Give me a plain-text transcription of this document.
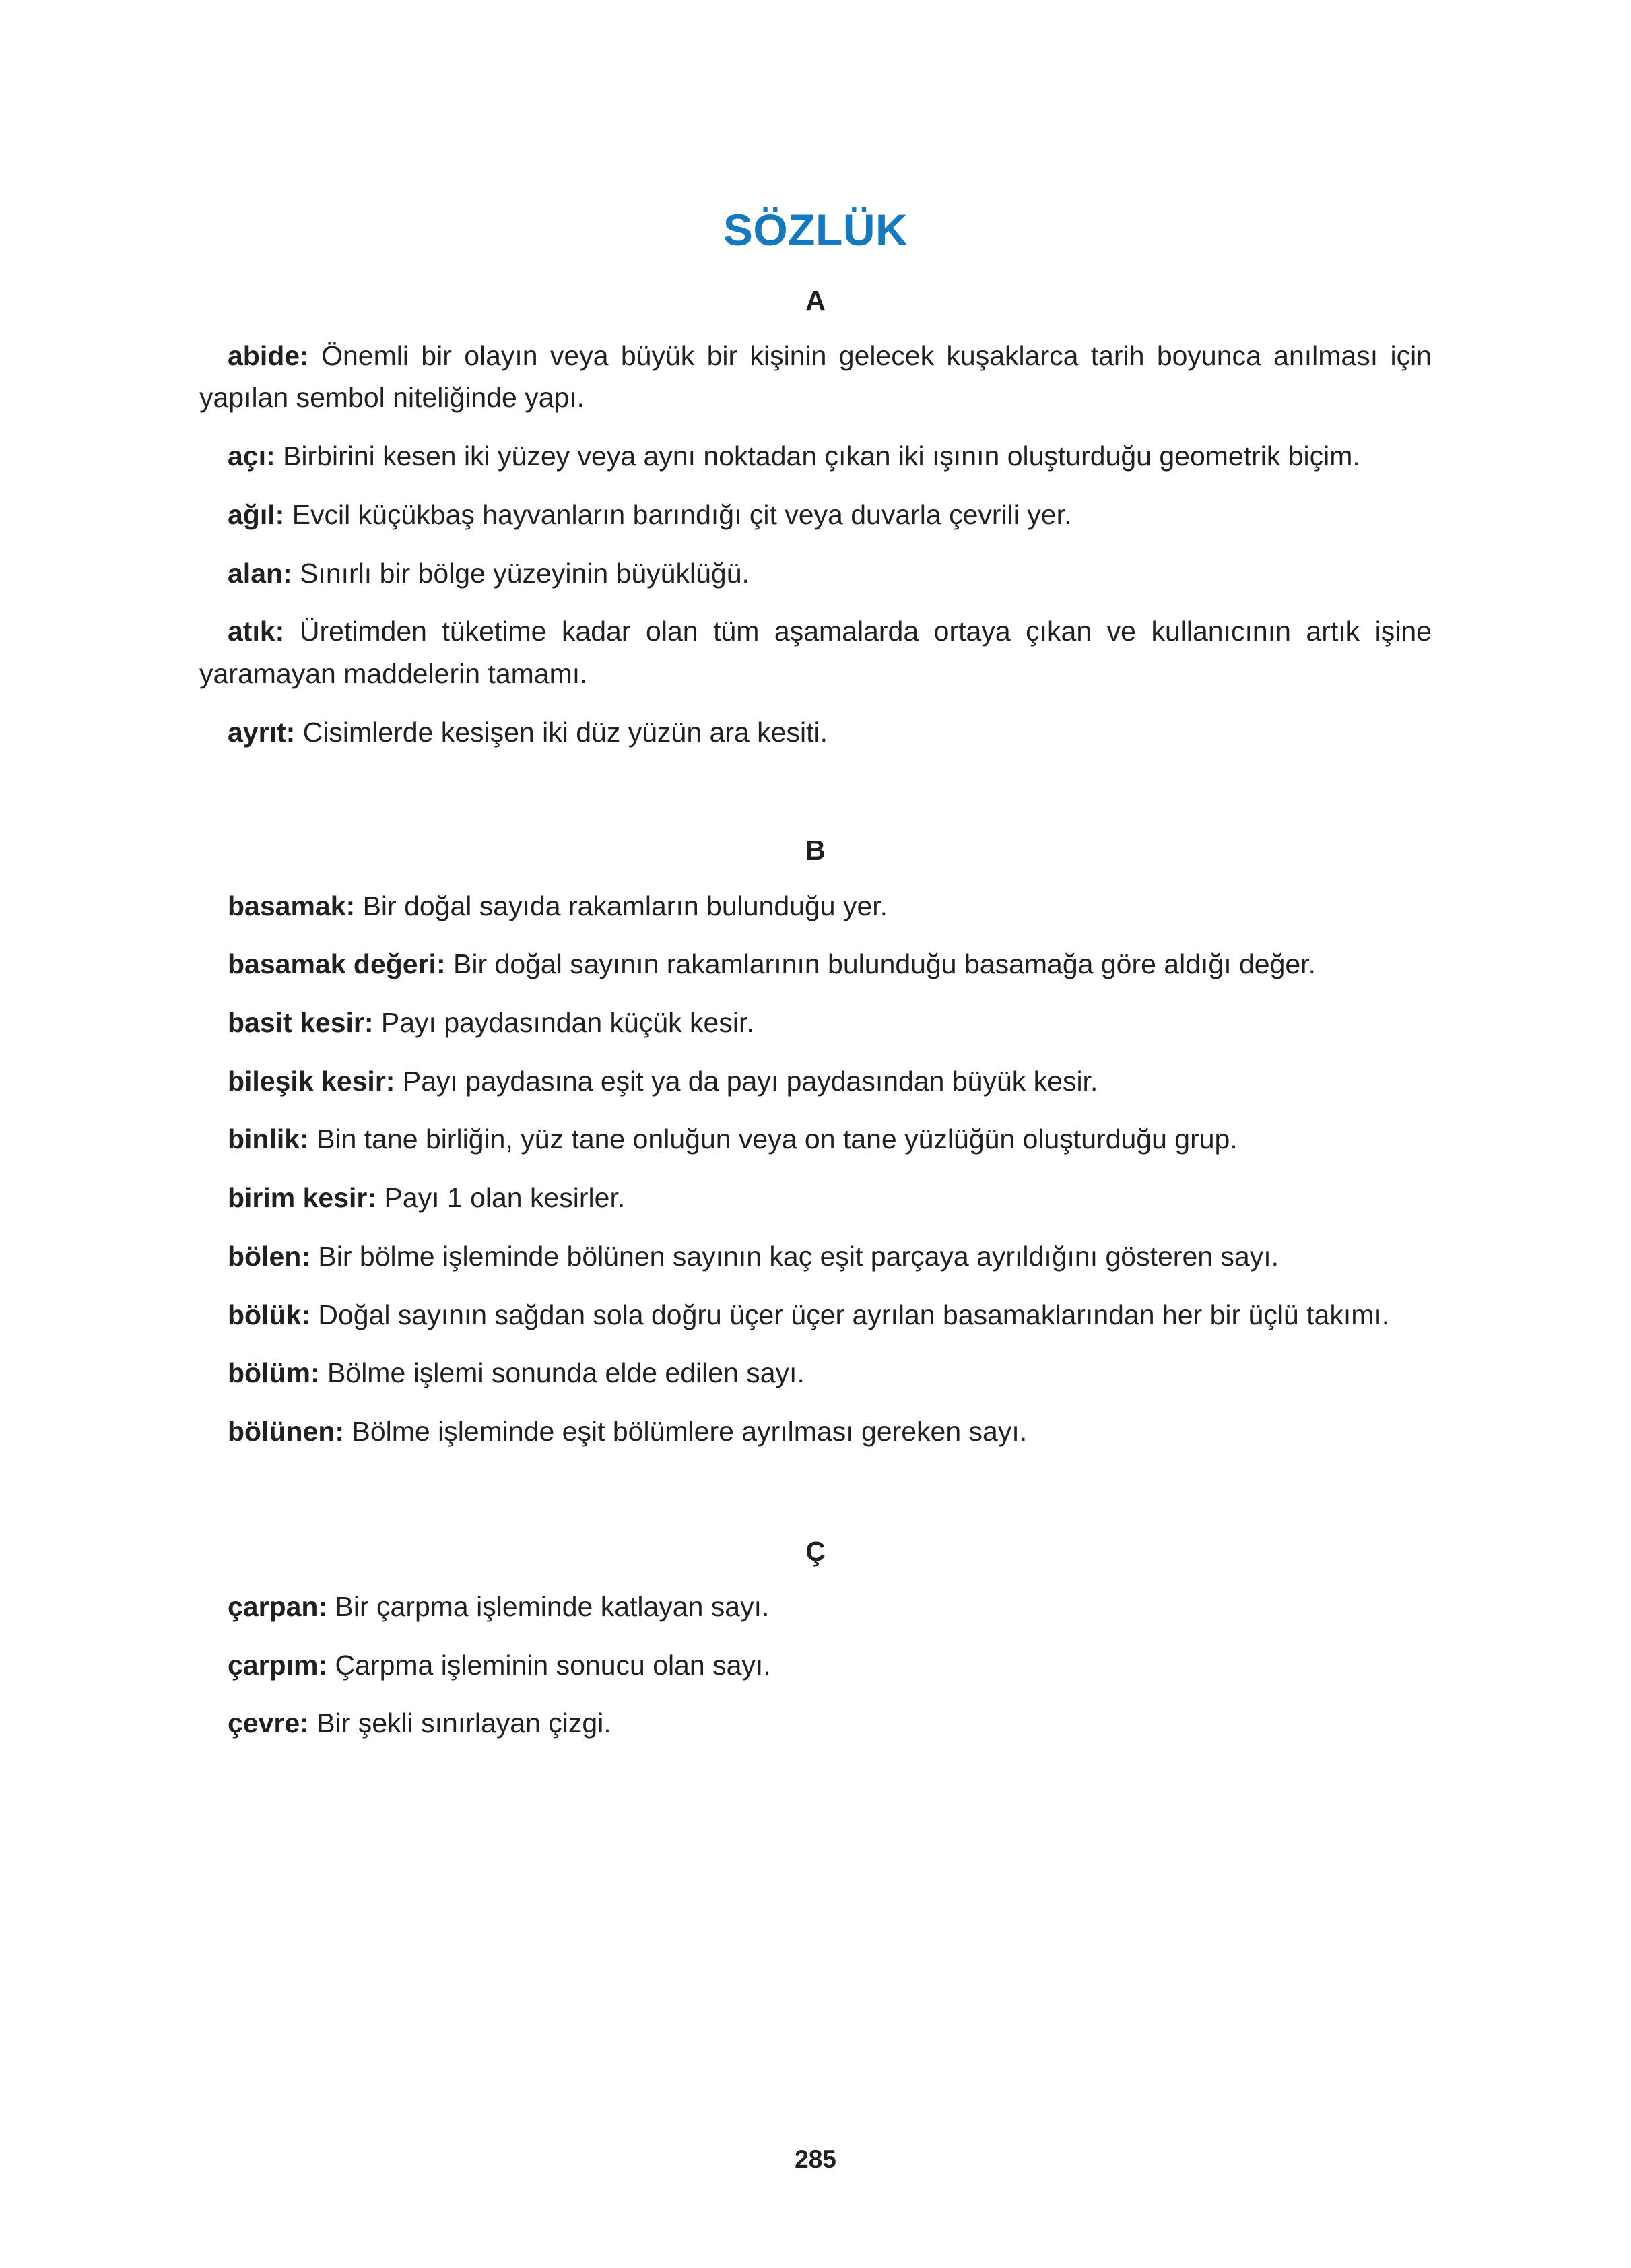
SÖZLÜK
A

abide: Önemli bir olayın veya büyük bir kişinin gelecek kuşaklarca tarih boyunca anılması için yapılan sembol niteliğinde yapı.

açı: Birbirini kesen iki yüzey veya aynı noktadan çıkan iki ışının oluşturduğu geometrik biçim.

ağıl: Evcil küçükbaş hayvanların barındığı çit veya duvarla çevrili yer.

alan: Sınırlı bir bölge yüzeyinin büyüklüğü.

atık: Üretimden tüketime kadar olan tüm aşamalarda ortaya çıkan ve kullanıcının artık işine yaramayan maddelerin tamamı.

ayrıt: Cisimlerde kesişen iki düz yüzün ara kesiti.

B

basamak: Bir doğal sayıda rakamların bulunduğu yer.

basamak değeri: Bir doğal sayının rakamlarının bulunduğu basamağa göre aldığı değer.

basit kesir: Payı paydasından küçük kesir.

bileşik kesir: Payı paydasına eşit ya da payı paydasından büyük kesir.

binlik: Bin tane birliğin, yüz tane onluğun veya on tane yüzlüğün oluşturduğu grup.

birim kesir: Payı 1 olan kesirler.

bölen: Bir bölme işleminde bölünen sayının kaç eşit parçaya ayrıldığını gösteren sayı.

bölük: Doğal sayının sağdan sola doğru üçer üçer ayrılan basamaklarından her bir üçlü takımı.

bölüm: Bölme işlemi sonunda elde edilen sayı.

bölünen: Bölme işleminde eşit bölümlere ayrılması gereken sayı.

Ç

çarpan: Bir çarpma işleminde katlayan sayı.

çarpım: Çarpma işleminin sonucu olan sayı.

çevre: Bir şekli sınırlayan çizgi.

285
